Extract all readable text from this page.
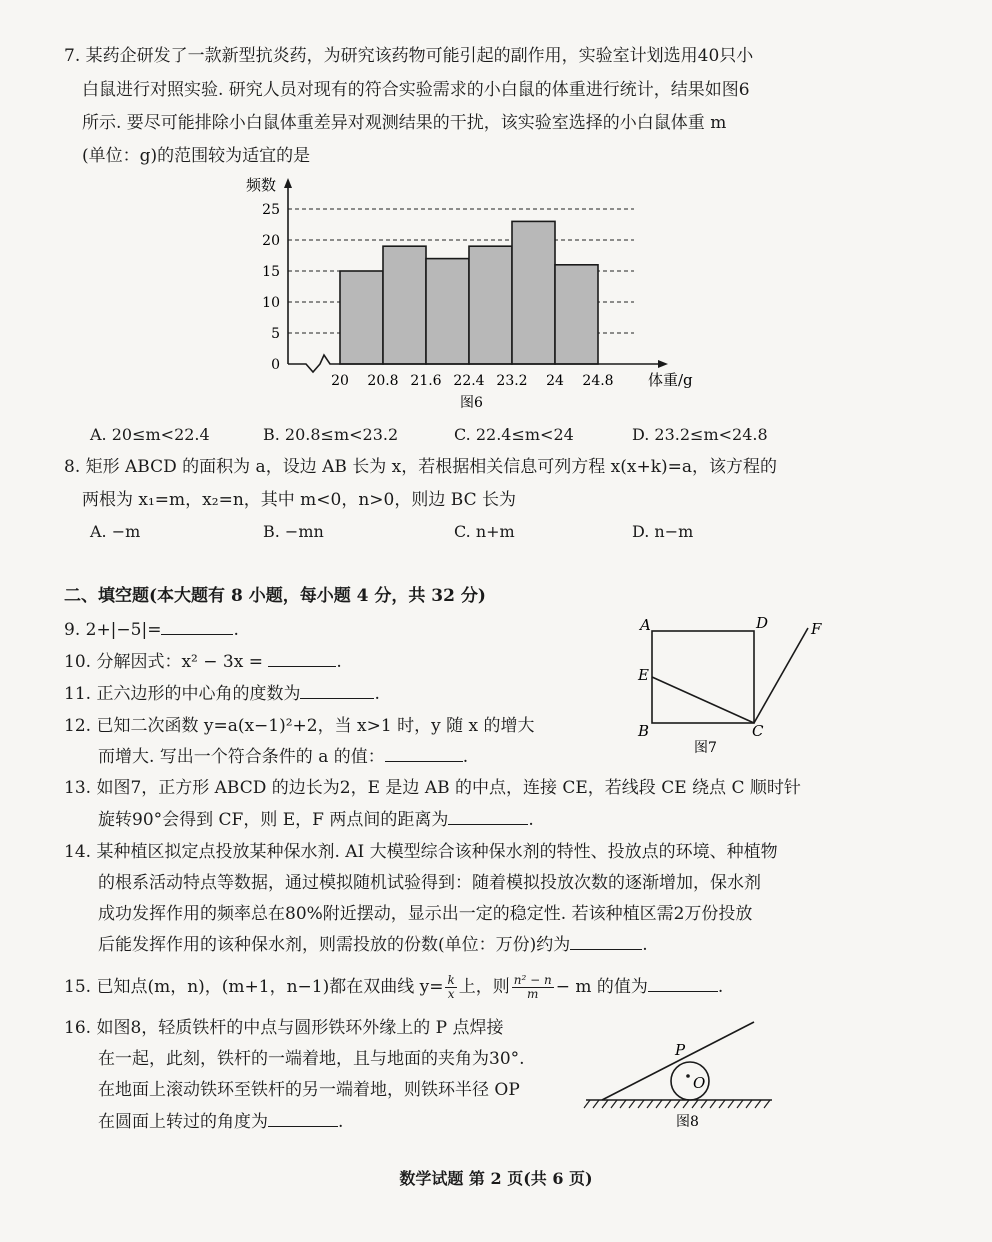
7. 某药企研发了一款新型抗炎药，为研究该药物可能引起的副作用，实验室计划选用40只小
白鼠进行对照实验. 研究人员对现有的符合实验需求的小白鼠的体重进行统计，结果如图6
所示. 要尽可能排除小白鼠体重差异对观测结果的干扰，该实验室选择的小白鼠体重 m
(单位：g)的范围较为适宜的是
0
5
10
15
20
25
20 20.8 21.6 22.4 23.2 24 24.8
频数
体重/g
图6
A. 20≤m<22.4	B. 20.8≤m<23.2	C. 22.4≤m<24	D. 23.2≤m<24.8
8. 矩形 ABCD 的面积为 a，设边 AB 长为 x，若根据相关信息可列方程 x(x+k)=a，该方程的
两根为 x₁=m，x₂=n，其中 m<0，n>0，则边 BC 长为
A. −m	B. −mn	C. n+m	D. n−m
二、填空题(本大题有 8 小题，每小题 4 分，共 32 分)
9. 2+|−5|=	.
10. 分解因式：x² − 3x =	.
11. 正六边形的中心角的度数为	.
12. 已知二次函数 y=a(x−1)²+2，当 x>1 时，y 随 x 的增大
而增大. 写出一个符合条件的 a 的值：	.
A	D	F
E
B	C
图7
13. 如图7，正方形 ABCD 的边长为2，E 是边 AB 的中点，连接 CE，若线段 CE 绕点 C 顺时针
旋转90°会得到 CF，则 E，F 两点间的距离为	.
14. 某种植区拟定点投放某种保水剂. AI 大模型综合该种保水剂的特性、投放点的环境、种植物
的根系活动特点等数据，通过模拟随机试验得到：随着模拟投放次数的逐渐增加，保水剂
成功发挥作用的频率总在80%附近摆动，显示出一定的稳定性. 若该种植区需2万份投放
后能发挥作用的该种保水剂，则需投放的份数(单位：万份)约为	.
15. 已知点(m，n)，(m+1，n−1)都在双曲线 $y= \frac{k}{x}$ 上，则 $\frac{\text{n² − n}}{m} - m$ 的值为	.
16. 如图8，轻质铁杆的中点与圆形铁环外缘上的 P 点焊接
在一起，此刻，铁杆的一端着地，且与地面的夹角为30°.
在地面上滚动铁环至铁杆的另一端着地，则铁环半径 OP
在圆面上转过的角度为	.
P
O
图8
数学试题 第 2 页(共 6 页)
